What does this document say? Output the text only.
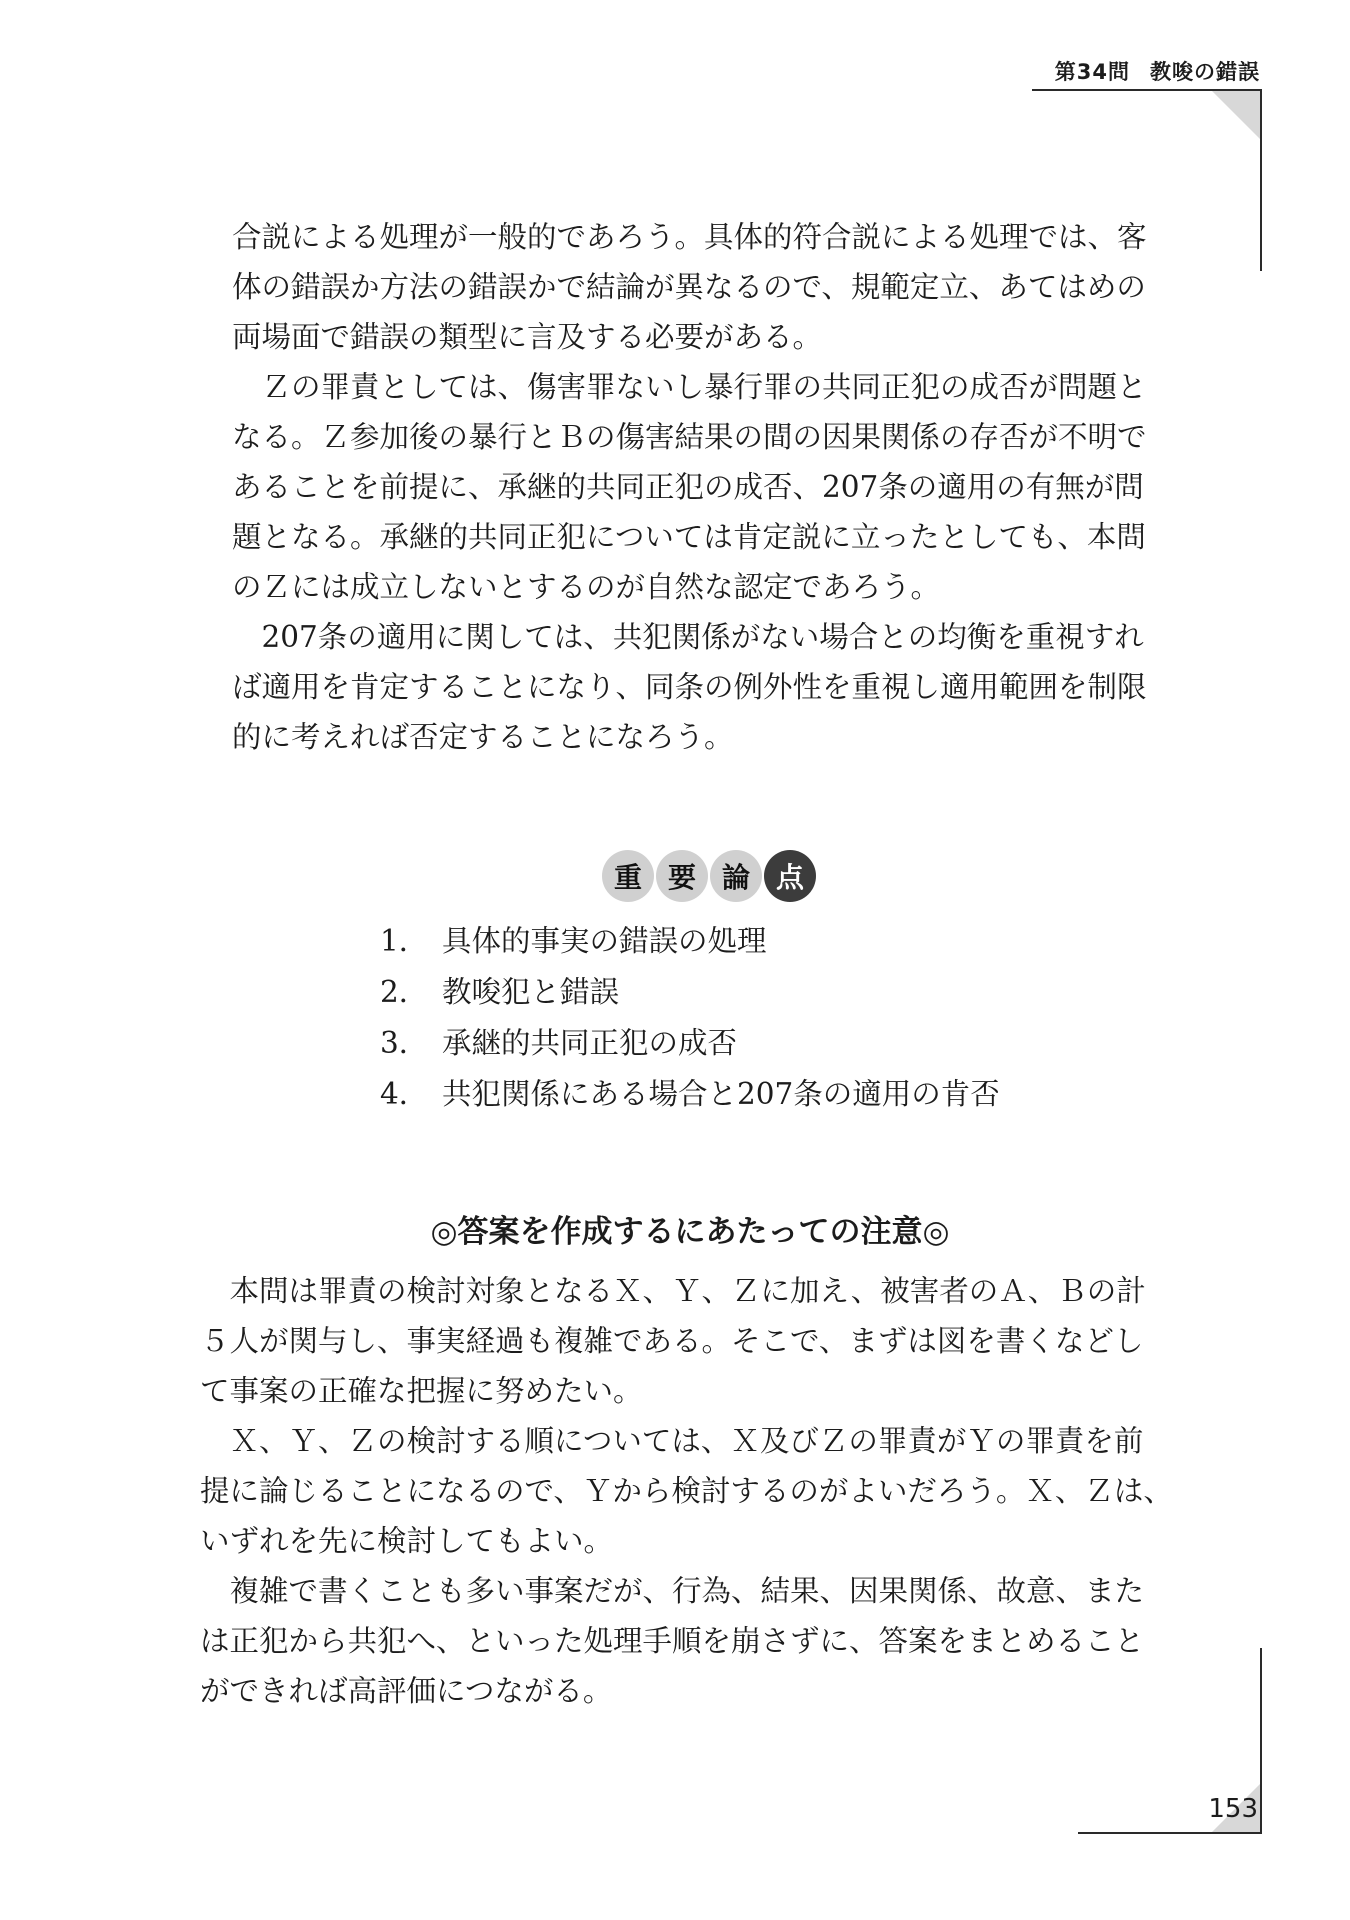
第34問 教唆の錯誤

合説による処理が一般的であろう。具体的符合説による処理では、客
体の錯誤か方法の錯誤かで結論が異なるので、規範定立、あてはめの
両場面で錯誤の類型に言及する必要がある。

　Ｚの罪責としては、傷害罪ないし暴行罪の共同正犯の成否が問題と
なる。Ｚ参加後の暴行とＢの傷害結果の間の因果関係の存否が不明で
あることを前提に、承継的共同正犯の成否、207条の適用の有無が問
題となる。承継的共同正犯については肯定説に立ったとしても、本問
のＺには成立しないとするのが自然な認定であろう。

　207条の適用に関しては、共犯関係がない場合との均衡を重視すれ
ば適用を肯定することになり、同条の例外性を重視し適用範囲を制限
的に考えれば否定することになろう。

重 要 論 点
1． 具体的事実の錯誤の処理
2． 教唆犯と錯誤
3． 承継的共同正犯の成否
4． 共犯関係にある場合と207条の適用の肯否
◎答案を作成するにあたっての注意◎

　本問は罪責の検討対象となるＸ、Ｙ、Ｚに加え、被害者のＡ、Ｂの計
５人が関与し、事実経過も複雑である。そこで、まずは図を書くなどし
て事案の正確な把握に努めたい。

　Ｘ、Ｙ、Ｚの検討する順については、Ｘ及びＺの罪責がＹの罪責を前
提に論じることになるので、Ｙから検討するのがよいだろう。Ｘ、Ｚは、
いずれを先に検討してもよい。

　複雑で書くことも多い事案だが、行為、結果、因果関係、故意、また
は正犯から共犯へ、といった処理手順を崩さずに、答案をまとめること
ができれば高評価につながる。

153
